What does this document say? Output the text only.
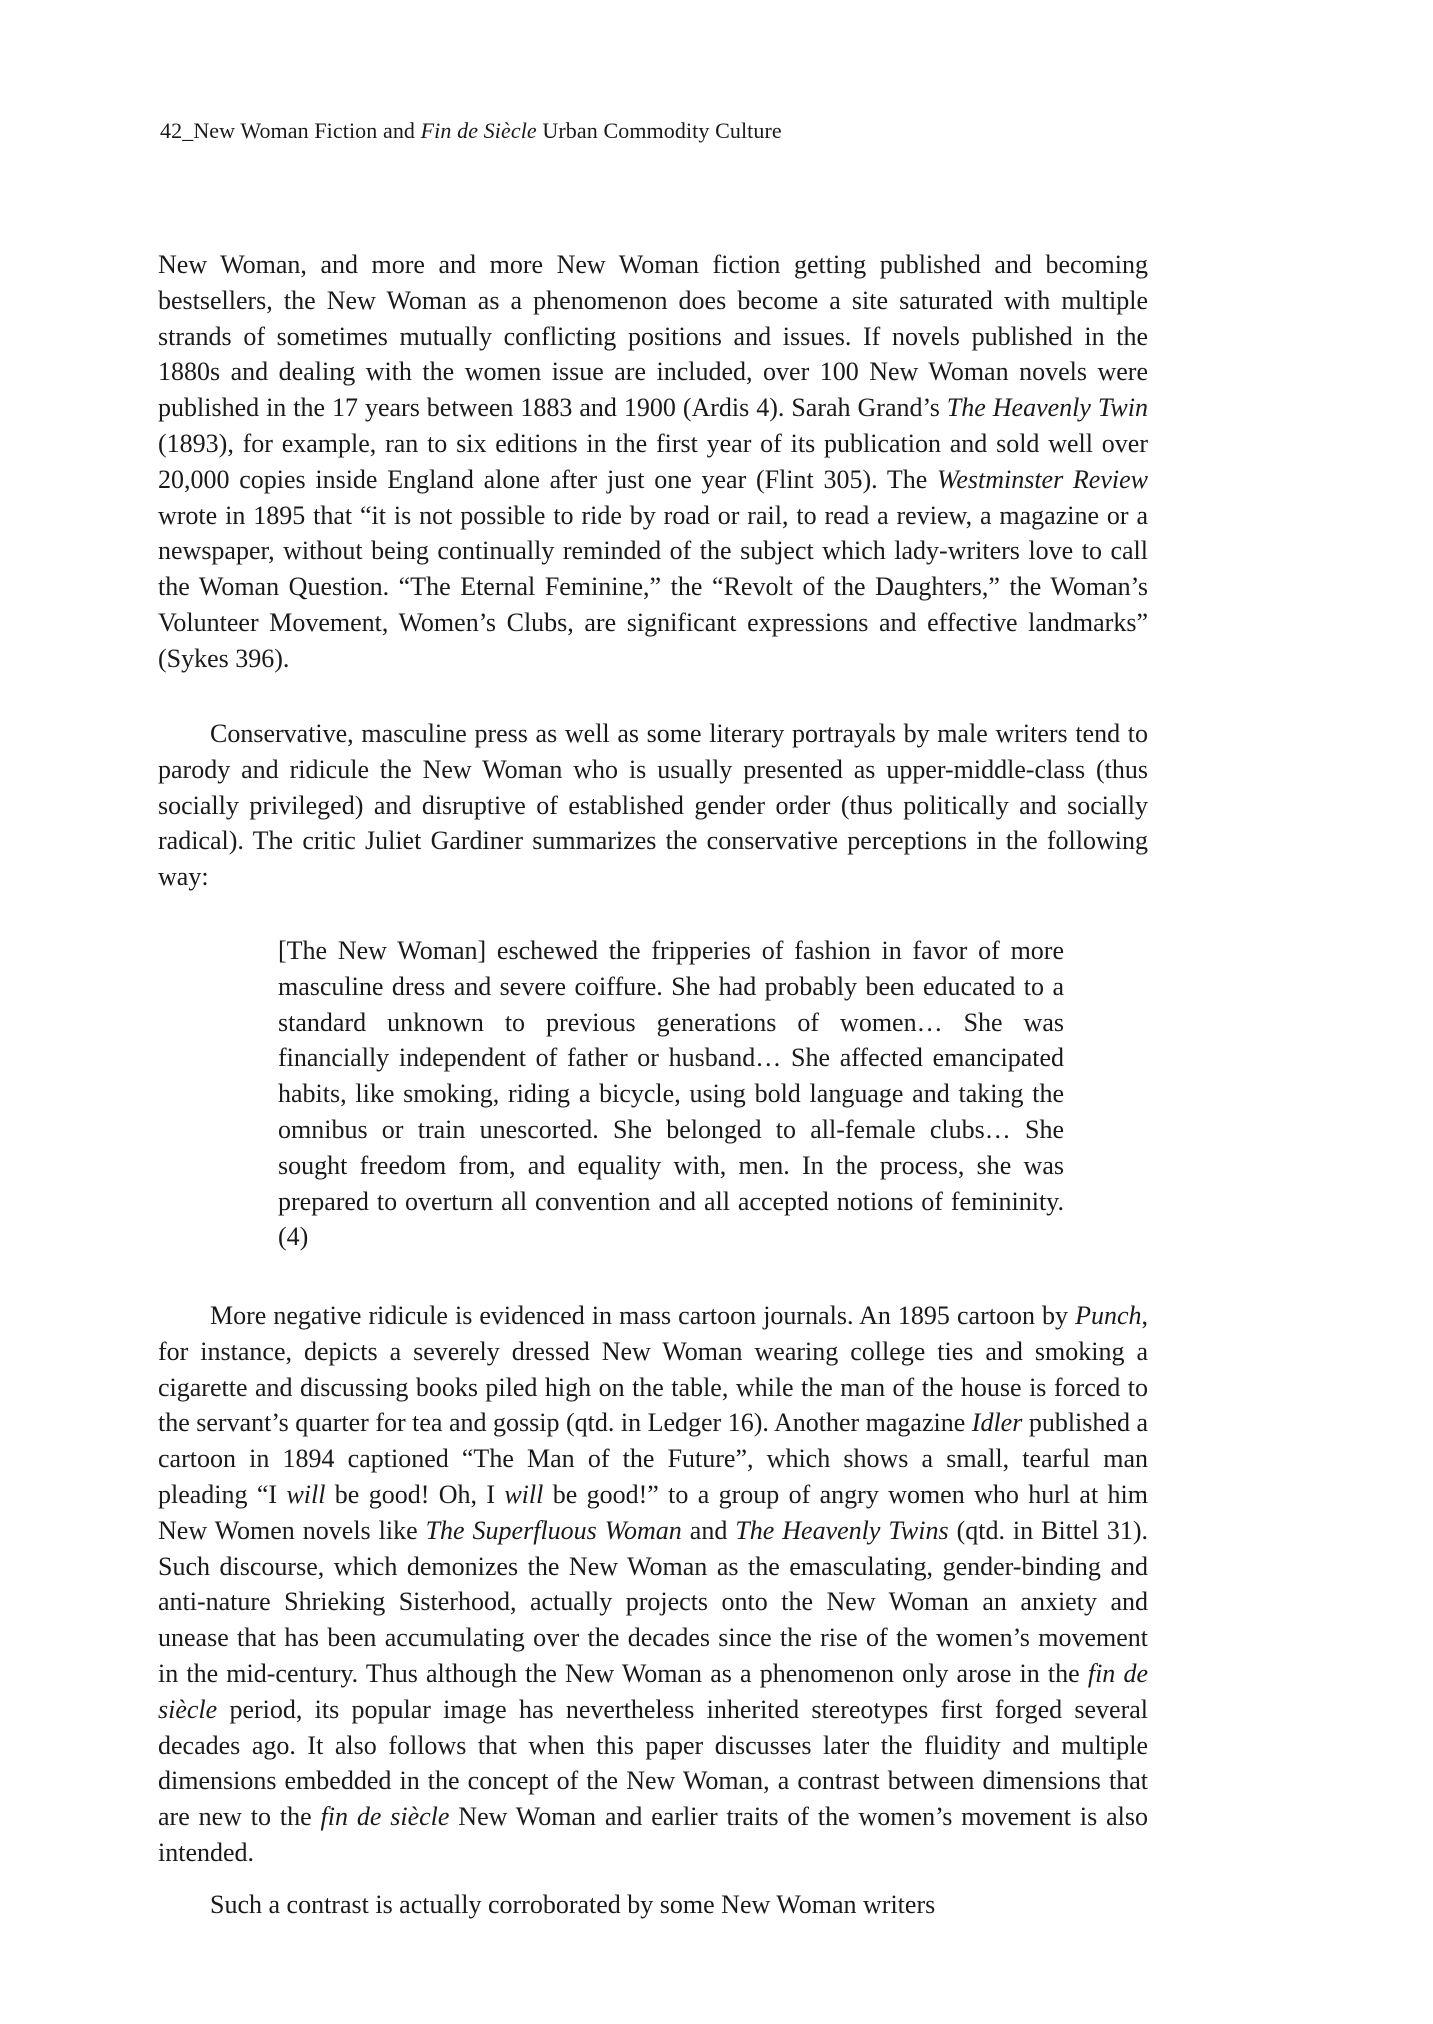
42_New Woman Fiction and Fin de Siècle Urban Commodity Culture

New Woman, and more and more New Woman fiction getting published and becoming bestsellers, the New Woman as a phenomenon does become a site saturated with multiple strands of sometimes mutually conflicting positions and issues. If novels published in the 1880s and dealing with the women issue are included, over 100 New Woman novels were published in the 17 years between 1883 and 1900 (Ardis 4). Sarah Grand’s The Heavenly Twin (1893), for example, ran to six editions in the first year of its publication and sold well over 20,000 copies inside England alone after just one year (Flint 305). The Westminster Review wrote in 1895 that “it is not possible to ride by road or rail, to read a review, a magazine or a newspaper, without being continually reminded of the subject which lady-writers love to call the Woman Question. “The Eternal Feminine,” the “Revolt of the Daughters,” the Woman’s Volunteer Movement, Women’s Clubs, are significant expressions and effective landmarks” (Sykes 396).

Conservative, masculine press as well as some literary portrayals by male writers tend to parody and ridicule the New Woman who is usually presented as upper-middle-class (thus socially privileged) and disruptive of established gender order (thus politically and socially radical). The critic Juliet Gardiner summarizes the conservative perceptions in the following way:

[The New Woman] eschewed the fripperies of fashion in favor of more masculine dress and severe coiffure. She had probably been educated to a standard unknown to previous generations of women… She was financially independent of father or husband… She affected emancipated habits, like smoking, riding a bicycle, using bold language and taking the omnibus or train unescorted. She belonged to all-female clubs… She sought freedom from, and equality with, men. In the process, she was prepared to overturn all convention and all accepted notions of femininity. (4)

More negative ridicule is evidenced in mass cartoon journals. An 1895 cartoon by Punch, for instance, depicts a severely dressed New Woman wearing college ties and smoking a cigarette and discussing books piled high on the table, while the man of the house is forced to the servant’s quarter for tea and gossip (qtd. in Ledger 16). Another magazine Idler published a cartoon in 1894 captioned “The Man of the Future”, which shows a small, tearful man pleading “I will be good! Oh, I will be good!” to a group of angry women who hurl at him New Women novels like The Superfluous Woman and The Heavenly Twins (qtd. in Bittel 31). Such discourse, which demonizes the New Woman as the emasculating, gender-binding and anti-nature Shrieking Sisterhood, actually projects onto the New Woman an anxiety and unease that has been accumulating over the decades since the rise of the women’s movement in the mid-century. Thus although the New Woman as a phenomenon only arose in the fin de siècle period, its popular image has nevertheless inherited stereotypes first forged several decades ago. It also follows that when this paper discusses later the fluidity and multiple dimensions embedded in the concept of the New Woman, a contrast between dimensions that are new to the fin de siècle New Woman and earlier traits of the women’s movement is also intended.

Such a contrast is actually corroborated by some New Woman writers
